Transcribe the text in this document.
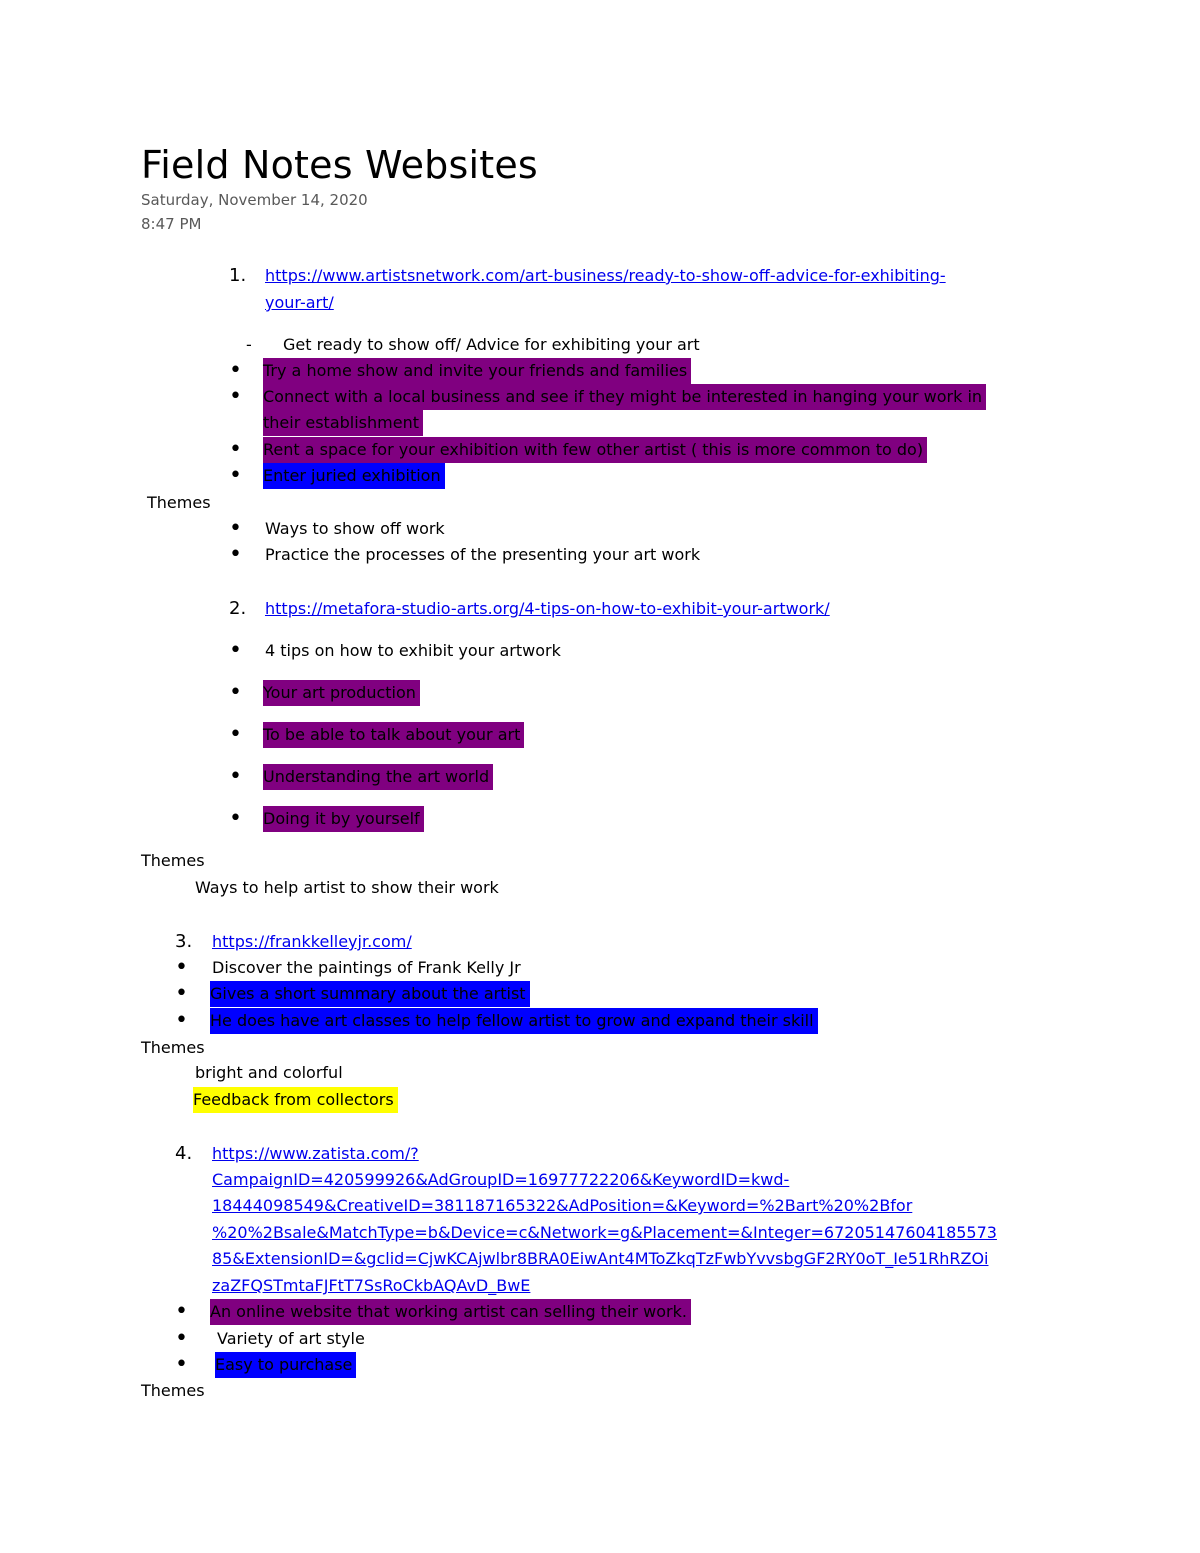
Field Notes Websites
Saturday, November 14, 2020
8:47 PM
1. https://www.artistsnetwork.com/art-business/ready-to-show-off-advice-for-exhibiting-
your-art/
- Get ready to show off/ Advice for exhibiting your art
• Try a home show and invite your friends and families
• Connect with a local business and see if they might be interested in hanging your work in
their establishment
• Rent a space for your exhibition with few other artist ( this is more common to do)
• Enter juried exhibition
Themes
• Ways to show off work
• Practice the processes of the presenting your art work
2. https://metafora-studio-arts.org/4-tips-on-how-to-exhibit-your-artwork/
• 4 tips on how to exhibit your artwork
• Your art production
• To be able to talk about your art
• Understanding the art world
• Doing it by yourself
Themes
Ways to help artist to show their work
3. https://frankkelleyjr.com/
• Discover the paintings of Frank Kelly Jr
• Gives a short summary about the artist
• He does have art classes to help fellow artist to grow and expand their skill
Themes
bright and colorful
Feedback from collectors
4. https://www.zatista.com/?
CampaignID=420599926&AdGroupID=16977722206&KeywordID=kwd-
18444098549&CreativeID=381187165322&AdPosition=&Keyword=%2Bart%20%2Bfor
%20%2Bsale&MatchType=b&Device=c&Network=g&Placement=&Integer=67205147604185573
85&ExtensionID=&gclid=CjwKCAjwlbr8BRA0EiwAnt4MToZkqTzFwbYvvsbgGF2RY0oT_Ie51RhRZOi
zaZFQSTmtaFJFtT7SsRoCkbAQAvD_BwE
• An online website that working artist can selling their work.
• Variety of art style
• Easy to purchase
Themes
